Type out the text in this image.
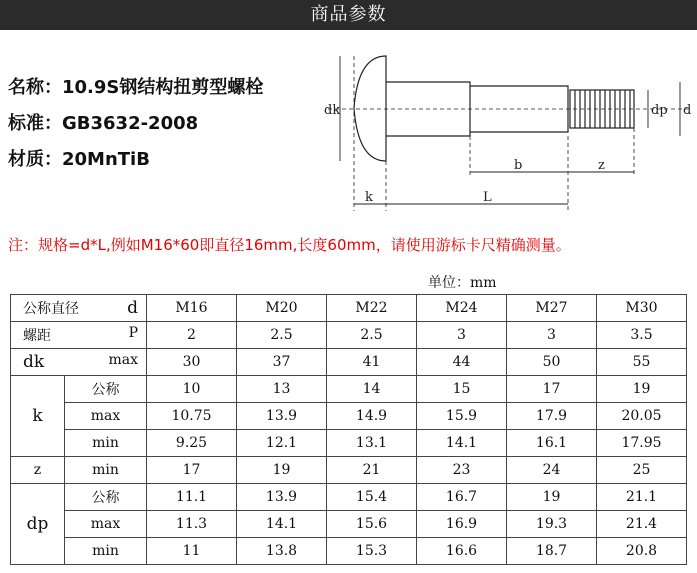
商品参数
名称：10.9S钢结构扭剪型螺栓
标准：GB3632-2008
材质：20MnTiB
dk	dp d
b	z
k	L
注：规格=d*L,例如M16*60即直径16mm,长度60mm，请使用游标卡尺精确测量。
单位：mm
公称直径 d		M16	M20	M22	M24	M27	M30

螺距 P		2	2.5	2.5	3	3	3.5

dk max		30	37	41	44	50	55
k	公称	10	13	14	15	17	19
	max	10.75	13.9	14.9	15.9	17.9	20.05
	min	9.25	12.1	13.1	14.1	16.1	17.95
z	min	17	19	21	23	24	25
dp	公称	11.1	13.9	15.4	16.7	19	21.1
	max	11.3	14.1	15.6	16.9	19.3	21.4
	min	11	13.8	15.3	16.6	18.7	20.8
